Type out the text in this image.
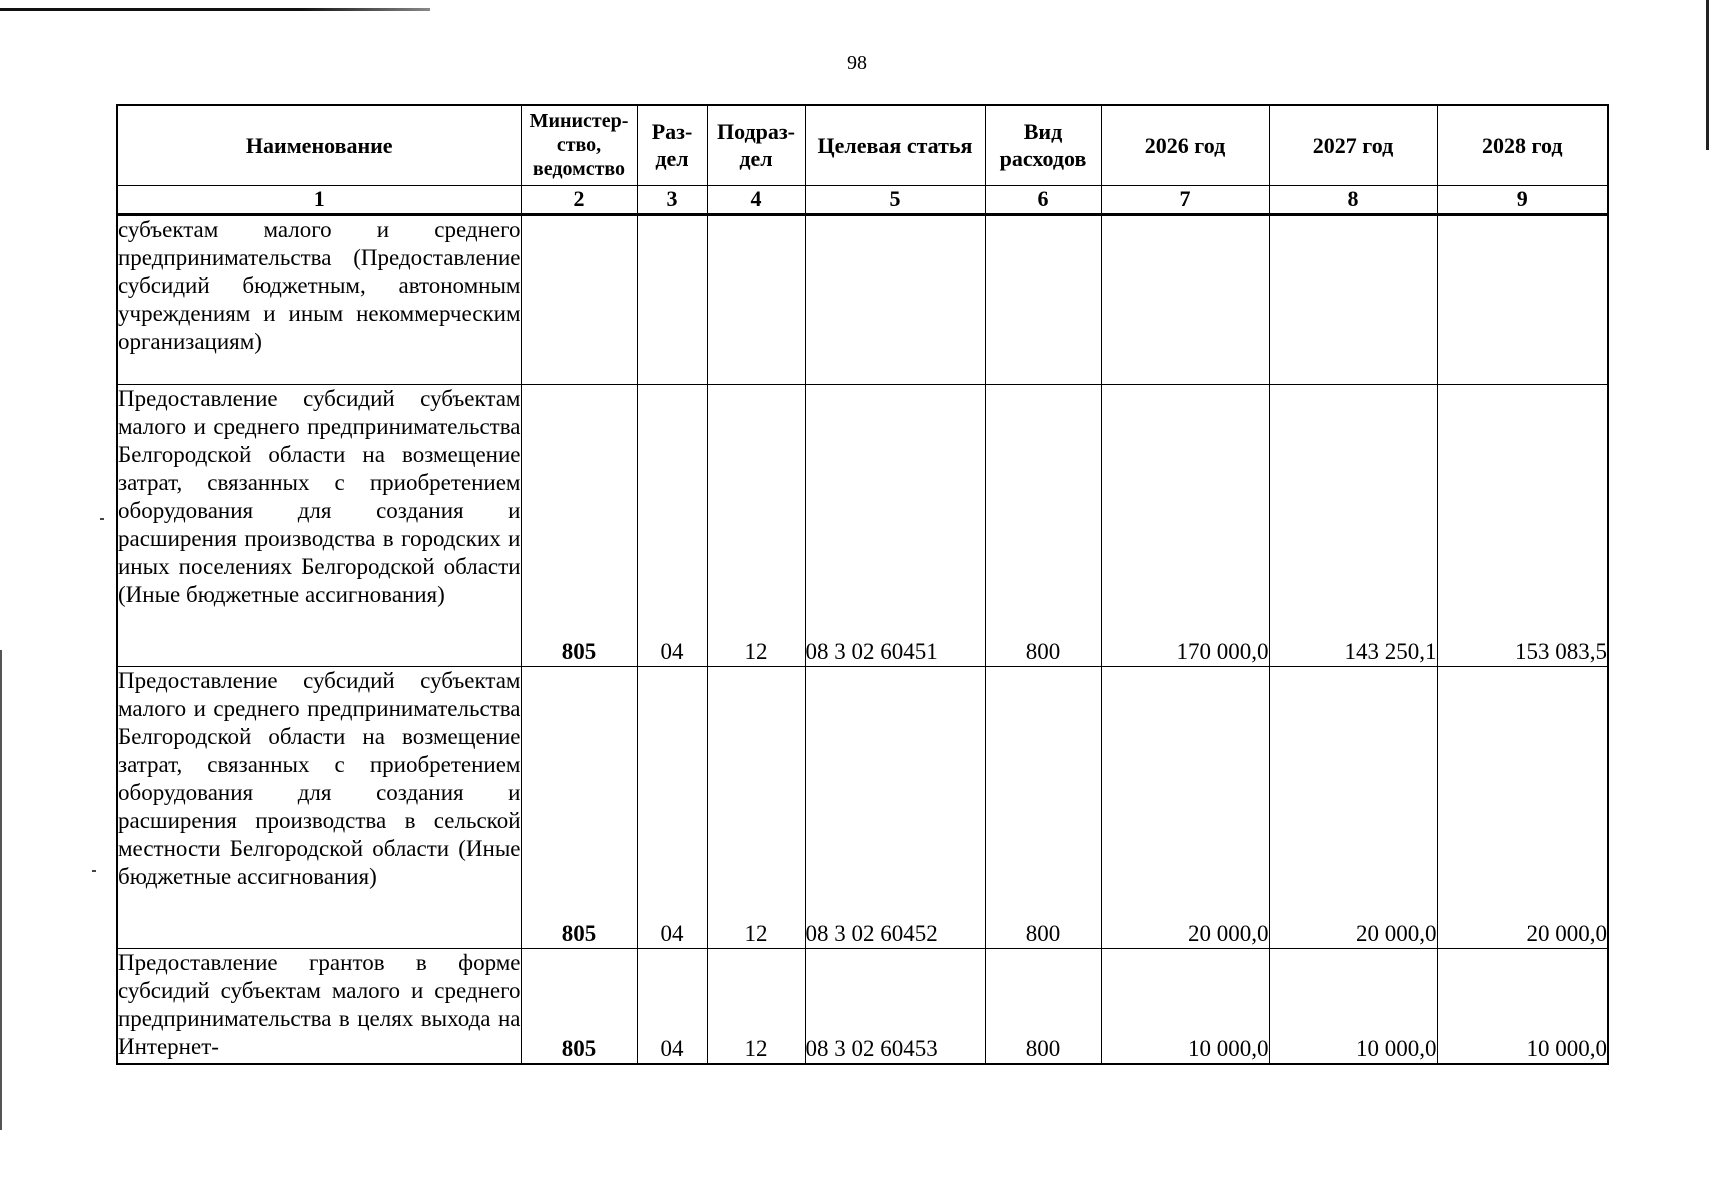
98
Наименование	Министер-ство, ведомство	Раз-дел	Подраз-дел	Целевая статья	Вид расходов	2026 год	2027 год	2028 год
1	2	3	4	5	6	7	8	9
субъектам малого и среднего предпринимательства (Предоставление субсидий бюджетным, автономным учреждениям и иным некоммерческим организациям)								
Предоставление субсидий субъектам малого и среднего предпринимательства Белгородской области на возмещение затрат, связанных с приобретением оборудования для создания и расширения производства в городских и иных поселениях Белгородской области (Иные бюджетные ассигнования)	805	04	12	08 3 02 60451	800	170 000,0	143 250,1	153 083,5
Предоставление субсидий субъектам малого и среднего предпринимательства Белгородской области на возмещение затрат, связанных с приобретением оборудования для создания и расширения производства в сельской местности Белгородской области (Иные бюджетные ассигнования)	805	04	12	08 3 02 60452	800	20 000,0	20 000,0	20 000,0
Предоставление грантов в форме субсидий субъектам малого и среднего предпринимательства в целях выхода на Интернет-	805	04	12	08 3 02 60453	800	10 000,0	10 000,0	10 000,0
